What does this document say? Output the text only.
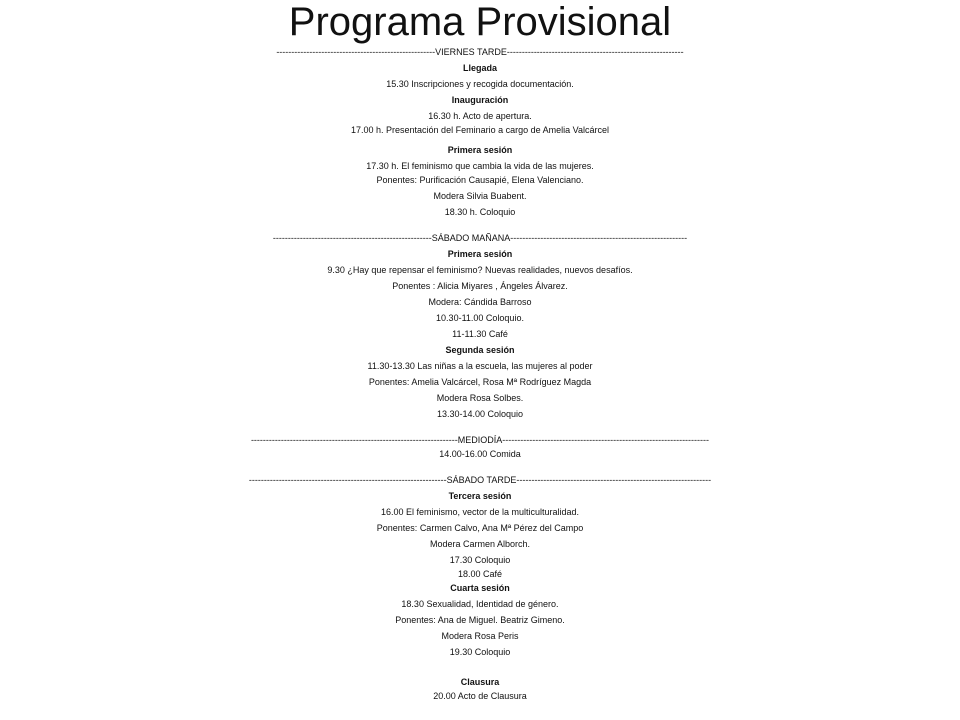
Programa Provisional
-----------------------------------------------------VIERNES TARDE-----------------------------------------------------------
Llegada
15.30 Inscripciones y recogida documentación.
Inauguración
16.30 h. Acto de apertura.
17.00 h. Presentación del Feminario a cargo de Amelia Valcárcel
Primera sesión
17.30 h. El feminismo que cambia la vida de las mujeres.
Ponentes: Purificación Causapié, Elena Valenciano.
Modera Silvia Buabent.
18.30 h. Coloquio
-----------------------------------------------------SÁBADO MAÑANA-----------------------------------------------------------
Primera sesión
9.30 ¿Hay que repensar el feminismo? Nuevas realidades, nuevos desafíos.
Ponentes : Alicia Miyares , Ángeles Álvarez.
Modera: Cándida Barroso
10.30-11.00 Coloquio.
11-11.30 Café
Segunda sesión
11.30-13.30 Las niñas a la escuela, las mujeres al poder
Ponentes: Amelia Valcárcel, Rosa Mª Rodríguez Magda
Modera Rosa Solbes.
13.30-14.00 Coloquio
---------------------------------------------------------------------MEDIODÍA---------------------------------------------------------------------
14.00-16.00 Comida
------------------------------------------------------------------SÁBADO TARDE-----------------------------------------------------------------
Tercera sesión
16.00 El feminismo, vector de la multiculturalidad.
Ponentes: Carmen Calvo, Ana Mª Pérez del Campo
Modera Carmen Alborch.
17.30 Coloquio
18.00 Café
Cuarta sesión
18.30 Sexualidad, Identidad de género.
Ponentes: Ana de Miguel. Beatriz Gimeno.
Modera Rosa Peris
19.30 Coloquio
Clausura
20.00 Acto de Clausura
